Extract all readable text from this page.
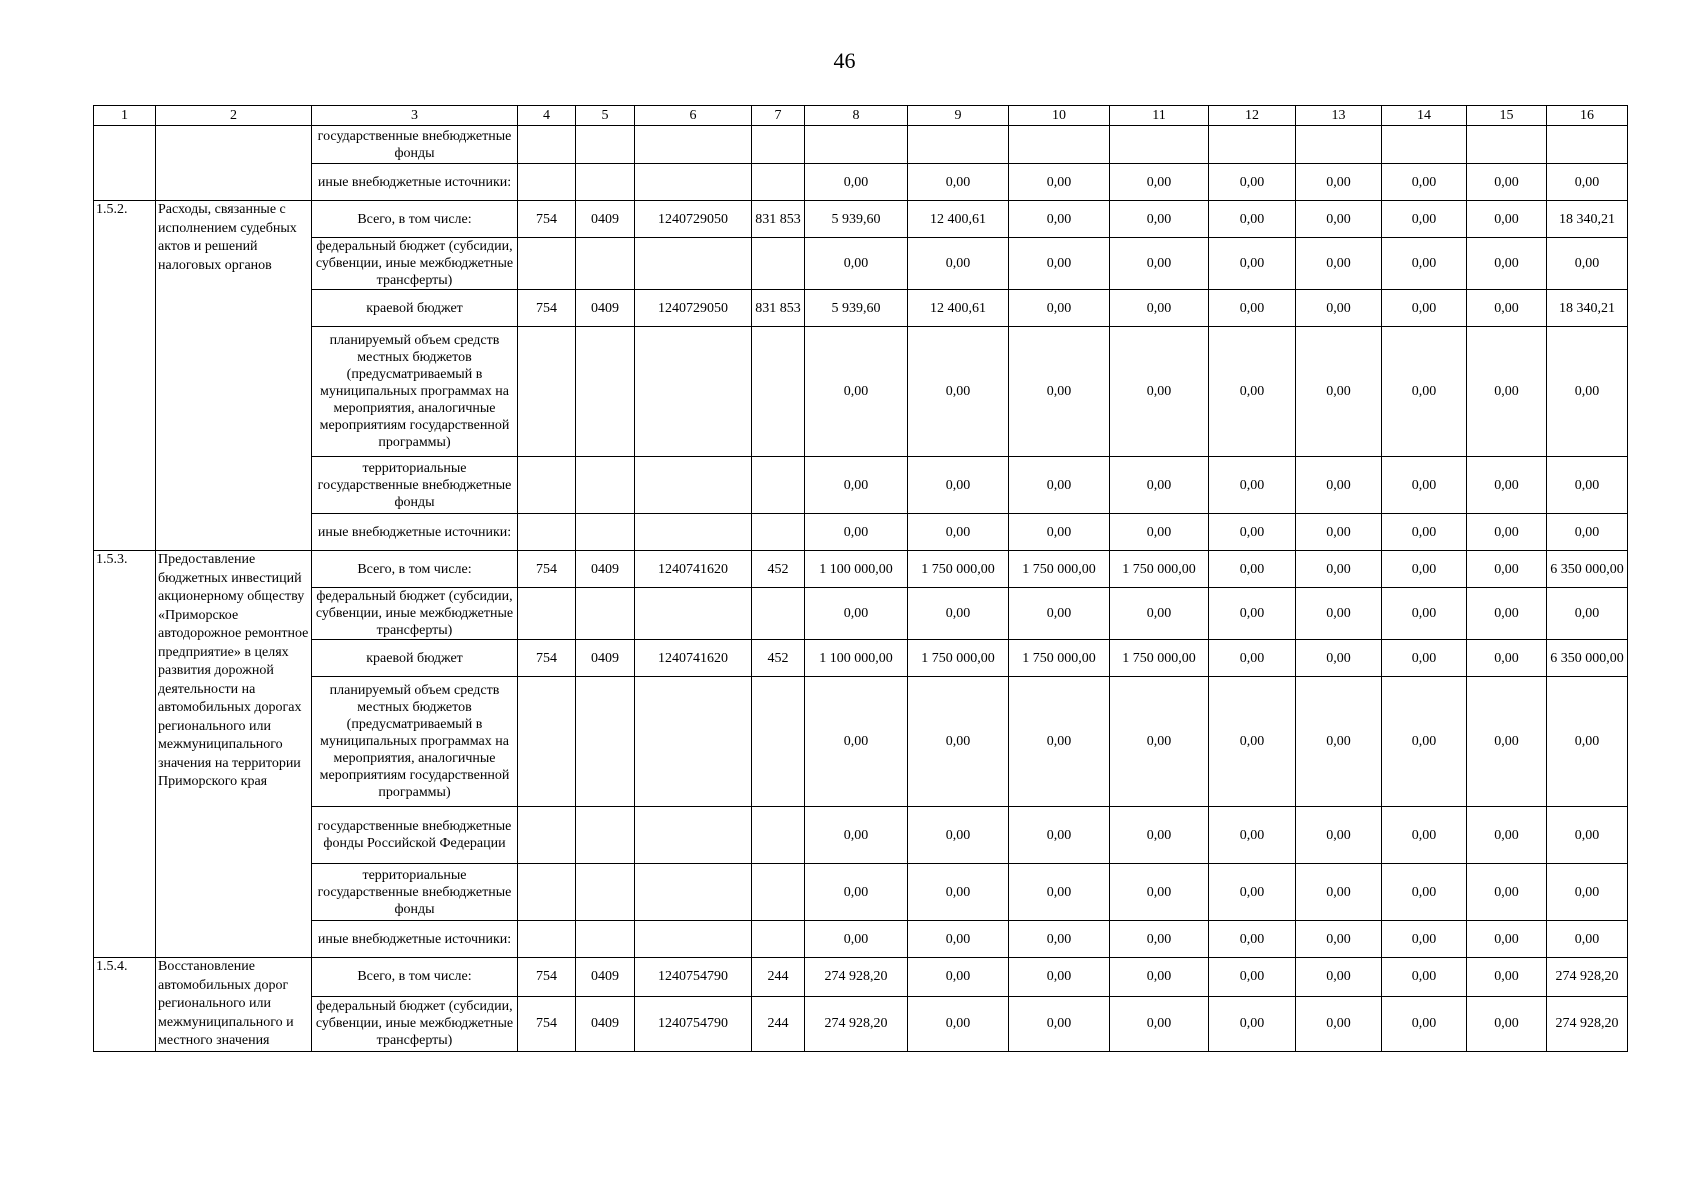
46
1	2	3	4	5	6	7	8	9	10	11	12	13	14	15	16
		государственные внебюджетные фонды													
		иные внебюджетные источники:					0,00	0,00	0,00	0,00	0,00	0,00	0,00	0,00	0,00
1.5.2.	Расходы, связанные с исполнением судебных актов и решений налоговых органов	Всего, в том числе:	754	0409	1240729050	831 853	5 939,60	12 400,61	0,00	0,00	0,00	0,00	0,00	0,00	18 340,21
		федеральный бюджет (субсидии, субвенции, иные межбюджетные трансферты)					0,00	0,00	0,00	0,00	0,00	0,00	0,00	0,00	0,00
		краевой бюджет	754	0409	1240729050	831 853	5 939,60	12 400,61	0,00	0,00	0,00	0,00	0,00	0,00	18 340,21
		планируемый объем средств местных бюджетов (предусматриваемый в муниципальных программах на мероприятия, аналогичные мероприятиям государственной программы)					0,00	0,00	0,00	0,00	0,00	0,00	0,00	0,00	0,00
		территориальные государственные внебюджетные фонды					0,00	0,00	0,00	0,00	0,00	0,00	0,00	0,00	0,00
		иные внебюджетные источники:					0,00	0,00	0,00	0,00	0,00	0,00	0,00	0,00	0,00
1.5.3.	Предоставление бюджетных инвестиций акционерному обществу «Приморское автодорожное ремонтное предприятие» в целях развития дорожной деятельности на автомобильных дорогах регионального или межмуниципального значения на территории Приморского края	Всего, в том числе:	754	0409	1240741620	452	1 100 000,00	1 750 000,00	1 750 000,00	1 750 000,00	0,00	0,00	0,00	0,00	6 350 000,00
		федеральный бюджет (субсидии, субвенции, иные межбюджетные трансферты)					0,00	0,00	0,00	0,00	0,00	0,00	0,00	0,00	0,00
		краевой бюджет	754	0409	1240741620	452	1 100 000,00	1 750 000,00	1 750 000,00	1 750 000,00	0,00	0,00	0,00	0,00	6 350 000,00
		планируемый объем средств местных бюджетов (предусматриваемый в муниципальных программах на мероприятия, аналогичные мероприятиям государственной программы)					0,00	0,00	0,00	0,00	0,00	0,00	0,00	0,00	0,00
		государственные внебюджетные фонды Российской Федерации					0,00	0,00	0,00	0,00	0,00	0,00	0,00	0,00	0,00
		территориальные государственные внебюджетные фонды					0,00	0,00	0,00	0,00	0,00	0,00	0,00	0,00	0,00
		иные внебюджетные источники:					0,00	0,00	0,00	0,00	0,00	0,00	0,00	0,00	0,00
1.5.4.	Восстановление автомобильных дорог регионального или межмуниципального и местного значения	Всего, в том числе:	754	0409	1240754790	244	274 928,20	0,00	0,00	0,00	0,00	0,00	0,00	0,00	274 928,20
		федеральный бюджет (субсидии, субвенции, иные межбюджетные трансферты)	754	0409	1240754790	244	274 928,20	0,00	0,00	0,00	0,00	0,00	0,00	0,00	274 928,20
